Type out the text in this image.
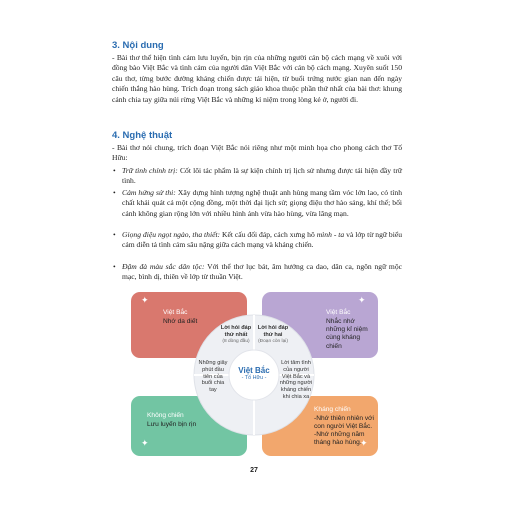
3. Nội dung
- Bài thơ thể hiện tình cảm lưu luyến, bịn rịn của những người cán bộ cách mạng về xuôi với đồng bào Việt Bắc và tình cảm của người dân Việt Bắc với cán bộ cách mạng. Xuyên suốt 150 câu thơ, từng bước đường kháng chiến được tái hiện, từ buổi trứng nước gian nan đến ngày chiến thắng hào hùng. Trích đoạn trong sách giáo khoa thuộc phần thứ nhất của bài thơ: khung cảnh chia tay giữa núi rừng Việt Bắc và những kỉ niệm trong lòng kẻ ở, người đi.
4. Nghệ thuật
- Bài thơ nói chung, trích đoạn Việt Bắc nói riêng như một minh họa cho phong cách thơ Tố Hữu:
• Trữ tình chính trị: Cốt lõi tác phẩm là sự kiện chính trị lịch sử nhưng được tái hiện đầy trữ tình.
• Cảm hứng sử thi: Xây dựng hình tượng nghệ thuật anh hùng mang tầm vóc lớn lao, có tính chất khái quát cả một cộng đồng, một thời đại lịch sử; giọng điệu thơ hào sảng, khí thế; bối cảnh không gian rộng lớn với nhiều hình ảnh vừa hào hùng, vừa lãng mạn.
• Giọng điệu ngọt ngào, tha thiết: Kết cấu đối đáp, cách xưng hô mình - ta và lớp từ ngữ biểu cảm diễn tả tình cảm sâu nặng giữa cách mạng và kháng chiến.
• Đậm đà màu sắc dân tộc: Với thể thơ lục bát, âm hưởng ca dao, dân ca, ngôn ngữ mộc mạc, bình dị, thiên về lớp từ thuần Việt.
Việt Bắc
Nhớ da diết
✦
Việt Bắc
Nhắc nhớ những kỉ niệm cùng kháng chiến
✦
Không chiến
Lưu luyến bịn rịn
✦
Kháng chiến
-Nhớ thiên nhiên với con người Việt Bắc.
-Nhớ những năm tháng hào hùng.
✦
Việt Bắc
- Tố Hữu -
Lời hỏi đáp thứ nhất
(8 dòng đầu)
Lời hỏi đáp thứ hai
(Đoạn còn lại)
Những giây phút đầu tiên của buổi chia tay
Lời tâm tình của người Việt Bắc và những người kháng chiến khi chia xa
27
